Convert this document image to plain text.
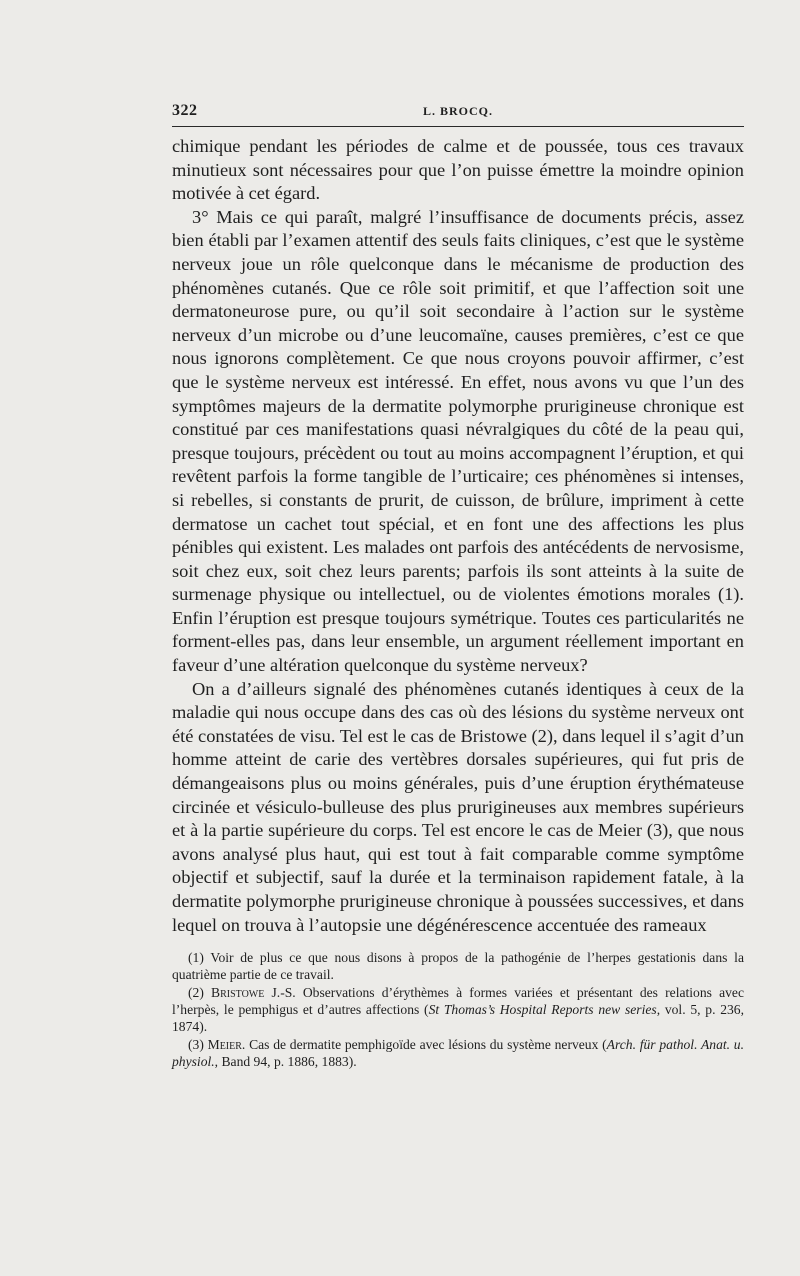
322	L. BROCQ.

chimique pendant les périodes de calme et de poussée, tous ces travaux minutieux sont nécessaires pour que l’on puisse émettre la moindre opinion motivée à cet égard.

3° Mais ce qui paraît, malgré l’insuffisance de documents précis, assez bien établi par l’examen attentif des seuls faits cliniques, c’est que le système nerveux joue un rôle quelconque dans le mécanisme de production des phénomènes cutanés. Que ce rôle soit primitif, et que l’affection soit une dermatoneurose pure, ou qu’il soit secondaire à l’action sur le système nerveux d’un microbe ou d’une leucomaïne, causes premières, c’est ce que nous ignorons complètement. Ce que nous croyons pouvoir affirmer, c’est que le système nerveux est intéressé. En effet, nous avons vu que l’un des symptômes majeurs de la dermatite polymorphe prurigineuse chronique est constitué par ces manifestations quasi névralgiques du côté de la peau qui, presque toujours, précèdent ou tout au moins accompagnent l’éruption, et qui revêtent parfois la forme tangible de l’urticaire; ces phénomènes si intenses, si rebelles, si constants de prurit, de cuisson, de brûlure, impriment à cette dermatose un cachet tout spécial, et en font une des affections les plus pénibles qui existent. Les malades ont parfois des antécédents de nervosisme, soit chez eux, soit chez leurs parents; parfois ils sont atteints à la suite de surmenage physique ou intellectuel, ou de violentes émotions morales (1). Enfin l’éruption est presque toujours symétrique. Toutes ces particularités ne forment-elles pas, dans leur ensemble, un argument réellement important en faveur d’une altération quelconque du système nerveux?

On a d’ailleurs signalé des phénomènes cutanés identiques à ceux de la maladie qui nous occupe dans des cas où des lésions du système nerveux ont été constatées de visu. Tel est le cas de Bristowe (2), dans lequel il s’agit d’un homme atteint de carie des vertèbres dorsales supérieures, qui fut pris de démangeaisons plus ou moins générales, puis d’une éruption érythémateuse circinée et vésiculo-bulleuse des plus prurigineuses aux membres supérieurs et à la partie supérieure du corps. Tel est encore le cas de Meier (3), que nous avons analysé plus haut, qui est tout à fait comparable comme symptôme objectif et subjectif, sauf la durée et la terminaison rapidement fatale, à la dermatite polymorphe prurigineuse chronique à poussées successives, et dans lequel on trouva à l’autopsie une dégénérescence accentuée des rameaux

(1) Voir de plus ce que nous disons à propos de la pathogénie de l’herpes gestationis dans la quatrième partie de ce travail.

(2) Bristowe J.-S. Observations d’érythèmes à formes variées et présentant des relations avec l’herpès, le pemphigus et d’autres affections (St Thomas’s Hospital Reports new series, vol. 5, p. 236, 1874).

(3) Meier. Cas de dermatite pemphigoïde avec lésions du système nerveux (Arch. für pathol. Anat. u. physiol., Band 94, p. 1886, 1883).
